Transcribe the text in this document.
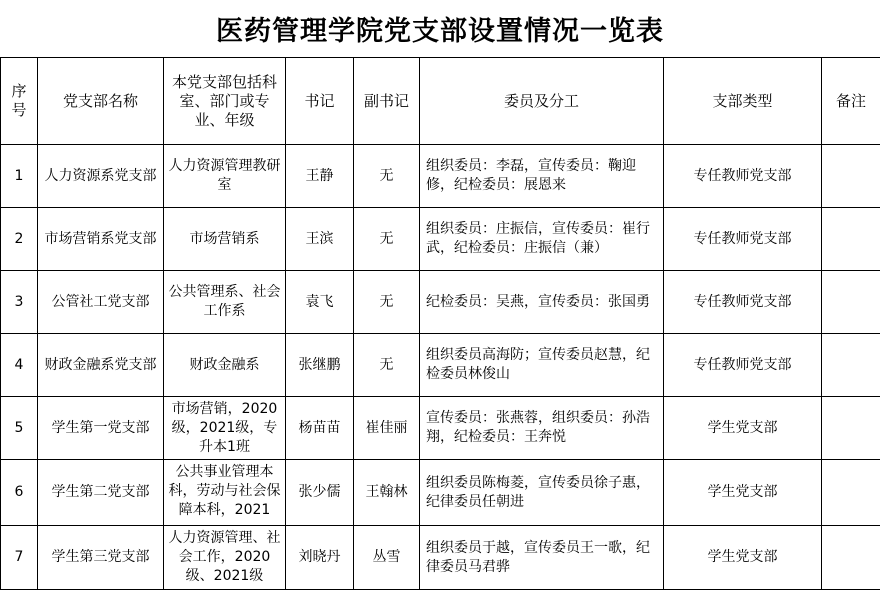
医药管理学院党支部设置情况一览表
序号	党支部名称	本党支部包括科室、部门或专业、年级	书记	副书记	委员及分工	支部类型	备注

1	人力资源系党支部	人力资源管理教研室	王静	无	组织委员：李磊，宣传委员：鞠迎修，纪检委员：展恩来	专任教师党支部	

2	市场营销系党支部	市场营销系	王滨	无	组织委员：庄振信，宣传委员：崔行武，纪检委员：庄振信（兼）	专任教师党支部	

3	公管社工党支部	公共管理系、社会工作系	袁飞	无	纪检委员：吴燕，宣传委员：张国勇	专任教师党支部	

4	财政金融系党支部	财政金融系	张继鹏	无	组织委员高海防；宣传委员赵慧，纪检委员林俊山	专任教师党支部	

5	学生第一党支部	市场营销，2020级，2021级，专升本1班	杨苗苗	崔佳丽	宣传委员：张燕蓉，组织委员：孙浩翔，纪检委员：王奔悦	学生党支部	

6	学生第二党支部	公共事业管理本科，劳动与社会保障本科，2021	张少儒	王翰林	组织委员陈梅菱，宣传委员徐子惠，纪律委员任朝进	学生党支部	

7	学生第三党支部	人力资源管理、社会工作，2020级、2021级	刘晓丹	丛雪	组织委员于越，宣传委员王一歌，纪律委员马君骅	学生党支部	
